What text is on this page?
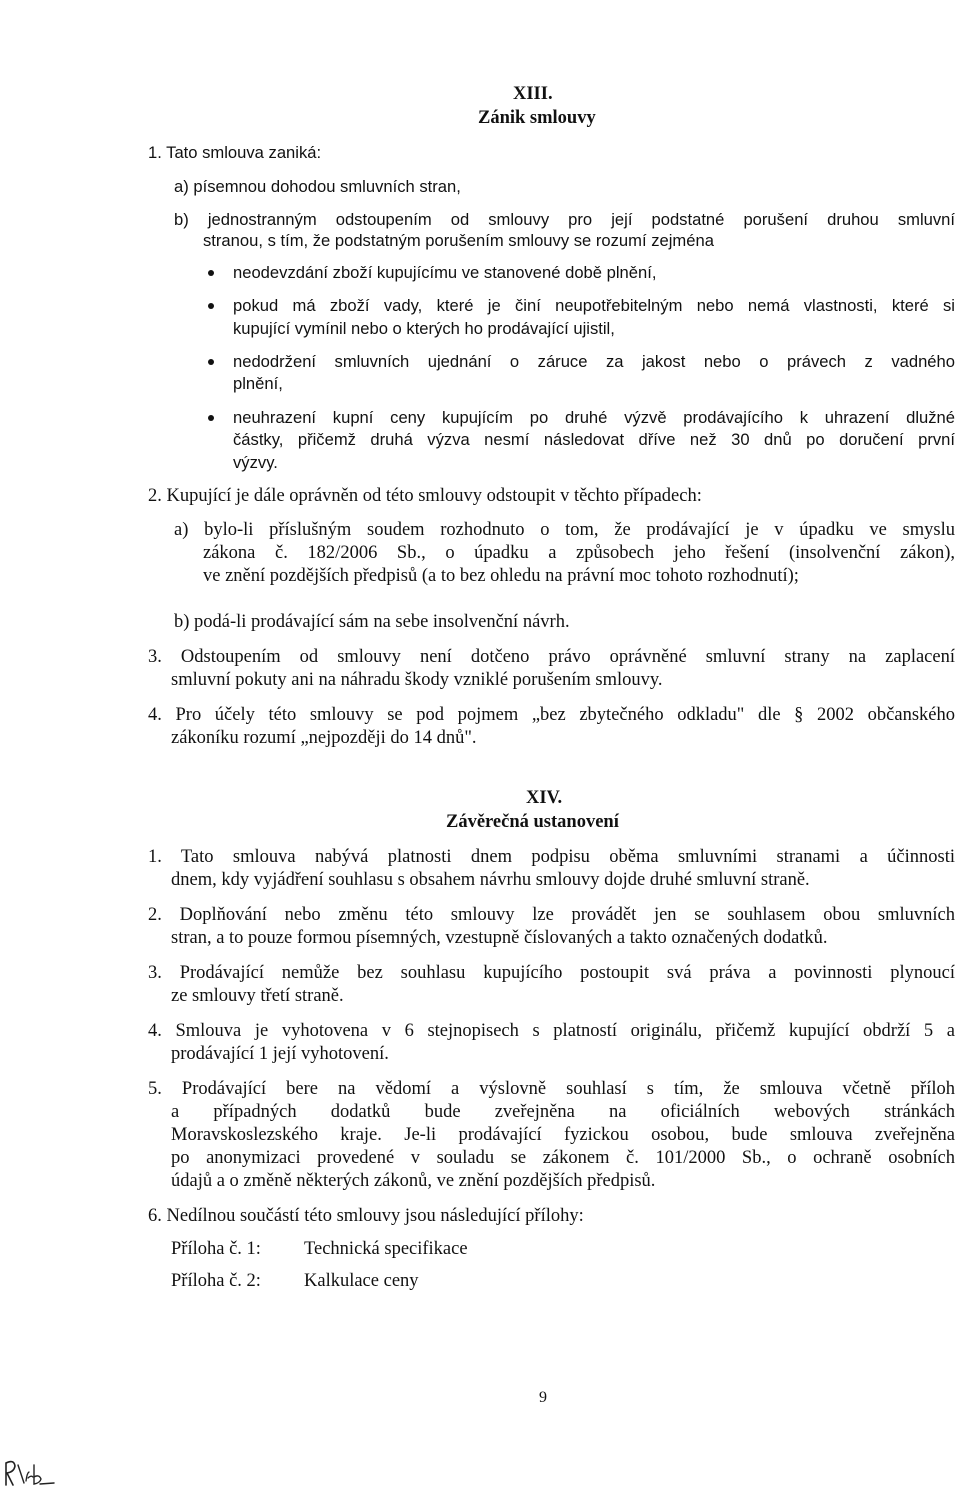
XIII.
Zánik smlouvy
1. Tato smlouva zaniká:
a) písemnou dohodou smluvních stran,
b) jednostranným odstoupením od smlouvy pro její podstatné porušení druhou smluvní
stranou, s tím, že podstatným porušením smlouvy se rozumí zejména
neodevzdání zboží kupujícímu ve stanovené době plnění,
pokud má zboží vady, které je činí neupotřebitelným nebo nemá vlastnosti, které si
kupující vymínil nebo o kterých ho prodávající ujistil,
nedodržení smluvních ujednání o záruce za jakost nebo o právech z vadného
plnění,
neuhrazení kupní ceny kupujícím po druhé výzvě prodávajícího k uhrazení dlužné
částky, přičemž druhá výzva nesmí následovat dříve než 30 dnů po doručení první
výzvy.
2. Kupující je dále oprávněn od této smlouvy odstoupit v těchto případech:
a) bylo-li příslušným soudem rozhodnuto o tom, že prodávající je v úpadku ve smyslu
zákona č. 182/2006 Sb., o úpadku a způsobech jeho řešení (insolvenční zákon),
ve znění pozdějších předpisů (a to bez ohledu na právní moc tohoto rozhodnutí);
b) podá-li prodávající sám na sebe insolvenční návrh.
3. Odstoupením od smlouvy není dotčeno právo oprávněné smluvní strany na zaplacení
smluvní pokuty ani na náhradu škody vzniklé porušením smlouvy.
4. Pro účely této smlouvy se pod pojmem „bez zbytečného odkladu" dle § 2002 občanského
zákoníku rozumí „nejpozději do 14 dnů".
XIV.
Závěrečná ustanovení
1. Tato smlouva nabývá platnosti dnem podpisu oběma smluvními stranami a účinnosti
dnem, kdy vyjádření souhlasu s obsahem návrhu smlouvy dojde druhé smluvní straně.
2. Doplňování nebo změnu této smlouvy lze provádět jen se souhlasem obou smluvních
stran, a to pouze formou písemných, vzestupně číslovaných a takto označených dodatků.
3. Prodávající nemůže bez souhlasu kupujícího postoupit svá práva a povinnosti plynoucí
ze smlouvy třetí straně.
4. Smlouva je vyhotovena v 6 stejnopisech s platností originálu, přičemž kupující obdrží 5 a
prodávající 1 její vyhotovení.
5. Prodávající bere na vědomí a výslovně souhlasí s tím, že smlouva včetně příloh
a případných dodatků bude zveřejněna na oficiálních webových stránkách
Moravskoslezského kraje. Je-li prodávající fyzickou osobou, bude smlouva zveřejněna
po anonymizaci provedené v souladu se zákonem č. 101/2000 Sb., o ochraně osobních
údajů a o změně některých zákonů, ve znění pozdějších předpisů.
6. Nedílnou součástí této smlouvy jsou následující přílohy:
Příloha č. 1: Technická specifikace
Příloha č. 2: Kalkulace ceny
9
